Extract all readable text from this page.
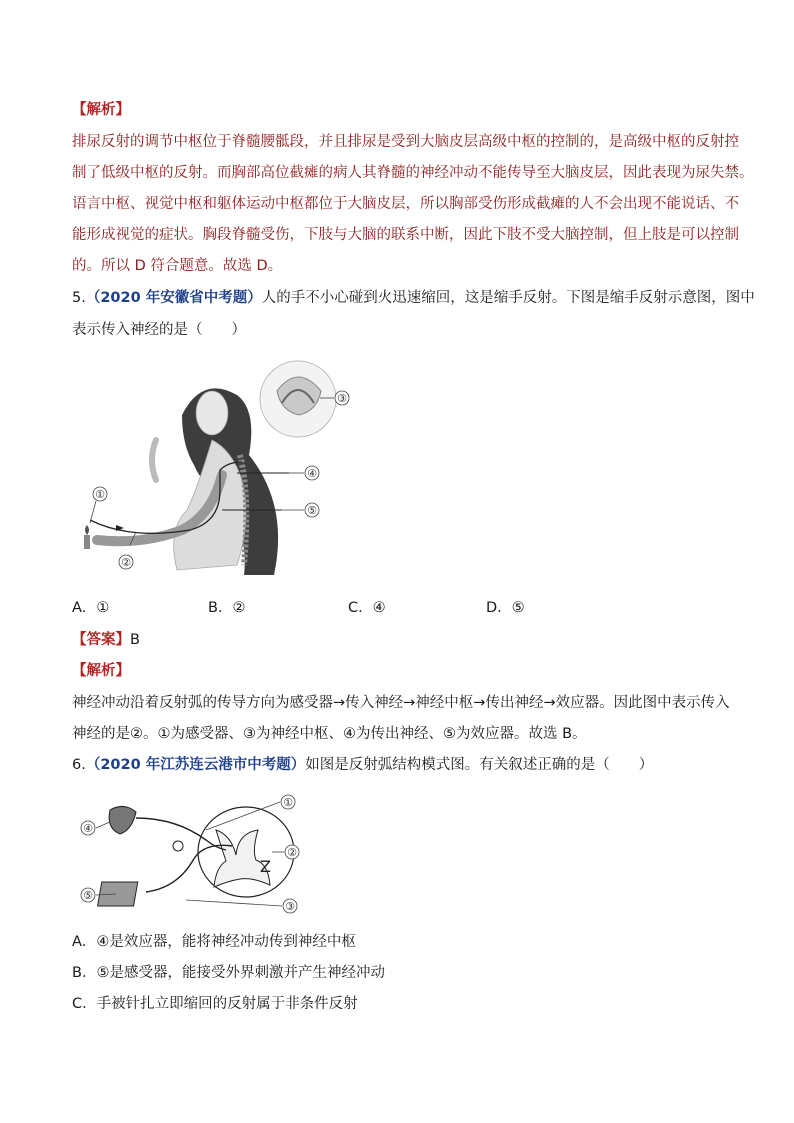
【解析】
排尿反射的调节中枢位于脊髓腰骶段，并且排尿是受到大脑皮层高级中枢的控制的，是高级中枢的反射控
制了低级中枢的反射。而胸部高位截瘫的病人其脊髓的神经冲动不能传导至大脑皮层，因此表现为尿失禁。
语言中枢、视觉中枢和躯体运动中枢都位于大脑皮层，所以胸部受伤形成截瘫的人不会出现不能说话、不
能形成视觉的症状。胸段脊髓受伤，下肢与大脑的联系中断，因此下肢不受大脑控制，但上肢是可以控制
的。所以 D 符合题意。故选 D。
5.（2020 年安徽省中考题）人的手不小心碰到火迅速缩回，这是缩手反射。下图是缩手反射示意图，图中
表示传入神经的是（　　）
③
①
②
④
⑤
A．①	B．②	C．④	D．⑤
【答案】B
【解析】
神经冲动沿着反射弧的传导方向为感受器→传入神经→神经中枢→传出神经→效应器。因此图中表示传入
神经的是②。①为感受器、③为神经中枢、④为传出神经、⑤为效应器。故选 B。
6.（2020 年江苏连云港市中考题）如图是反射弧结构模式图。有关叙述正确的是（　　）
Z
①
②
③
④
⑤
A．④是效应器，能将神经冲动传到神经中枢
B．⑤是感受器，能接受外界刺激并产生神经冲动
C．手被针扎立即缩回的反射属于非条件反射
